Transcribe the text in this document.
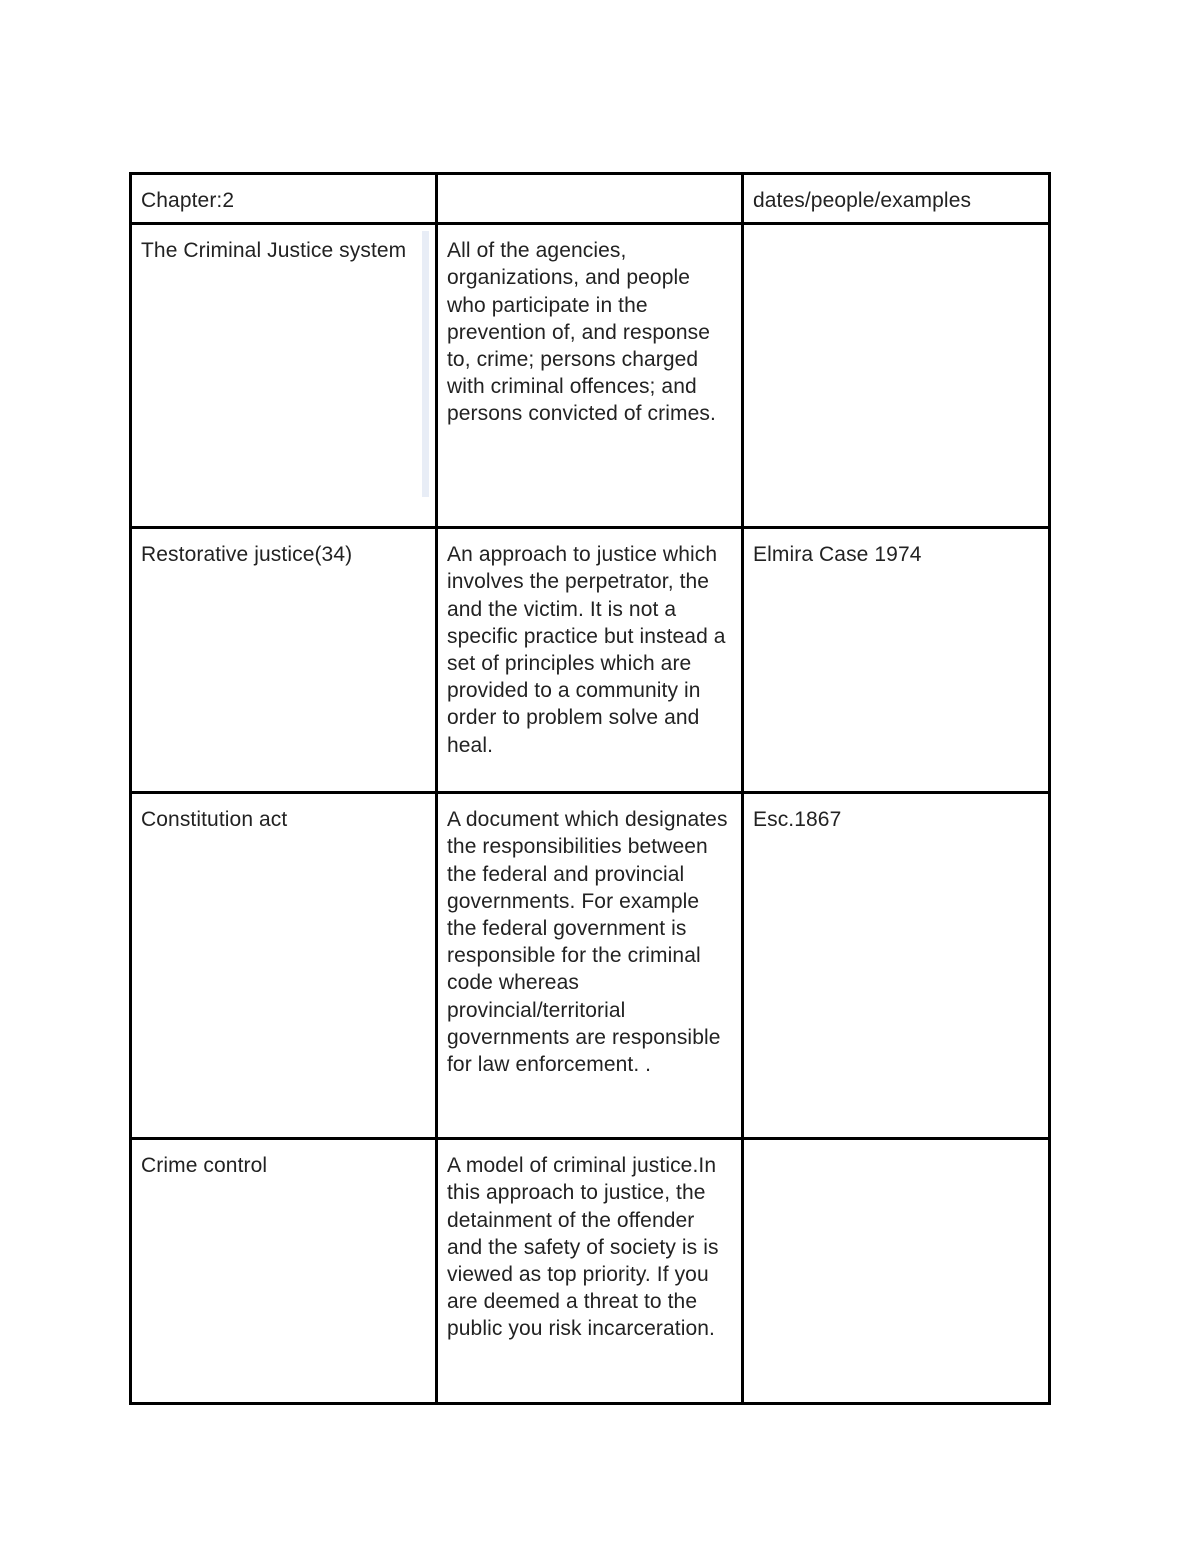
Chapter:2		dates/people/examples

The Criminal Justice system	All of the agencies, organizations, and people who participate in the prevention of, and response to, crime; persons charged with criminal offences; and persons convicted of crimes.	

Restorative justice(34)	An approach to justice which involves the perpetrator, the and the victim. It is not a specific practice but instead a set of principles which are provided to a community in order to problem solve and heal.	Elmira Case 1974

Constitution act	A document which designates the responsibilities between the federal and provincial governments. For example the federal government is responsible for the criminal code whereas provincial/territorial governments are responsible for law enforcement. .	Esc.1867

Crime control	A model of criminal justice.In this approach to justice, the detainment of the offender and the safety of society is is viewed as top priority. If you are deemed a threat to the public you risk incarceration.	
